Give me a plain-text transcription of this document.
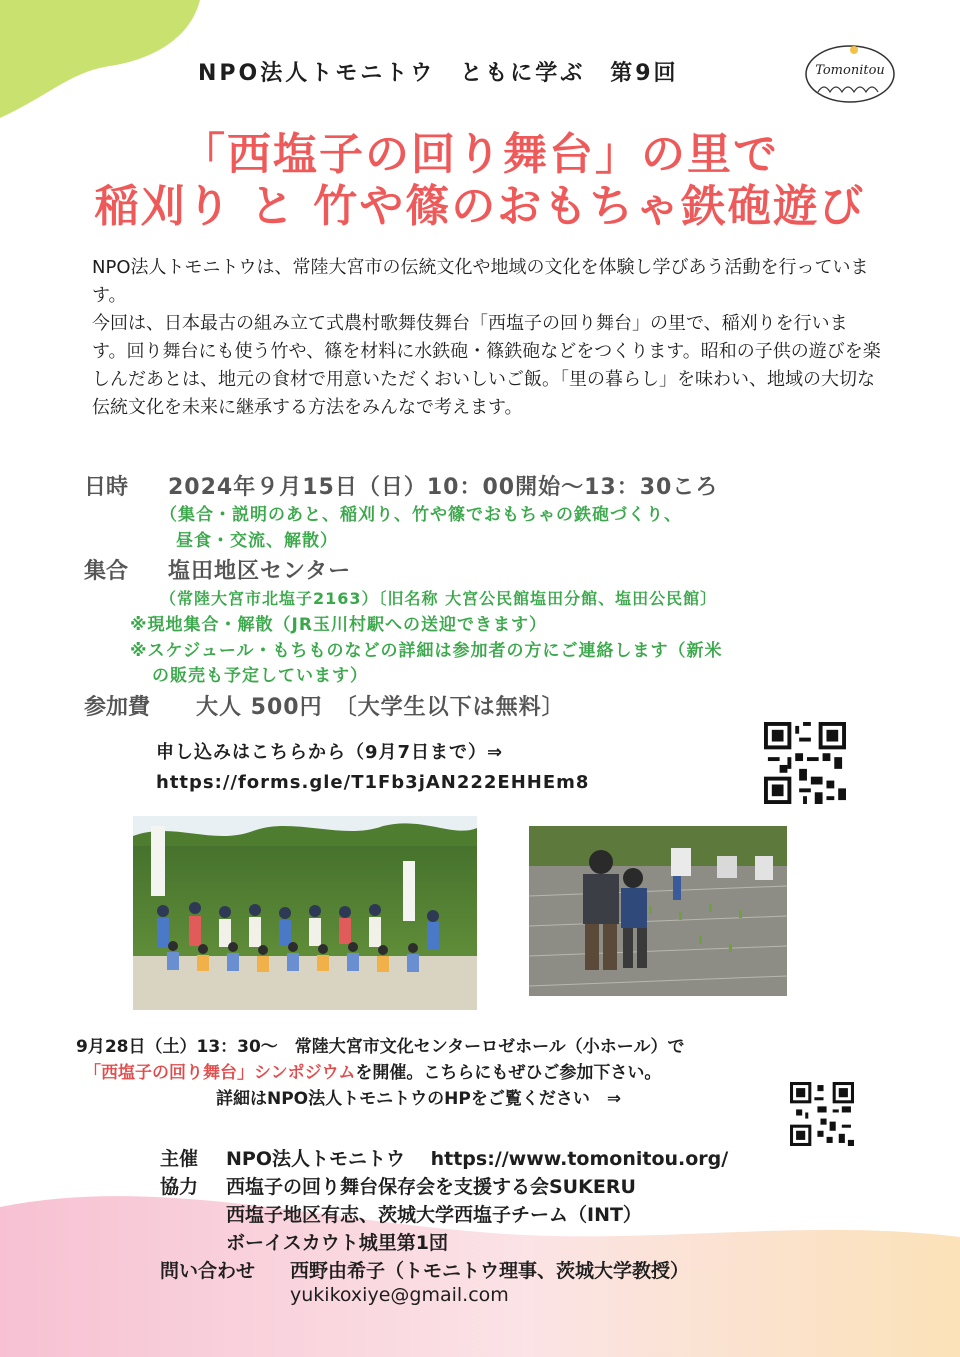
NPO法人トモニトウ　ともに学ぶ　第9回	Tomonitou
「西塩子の回り舞台」の里で
稲刈り と 竹や篠のおもちゃ鉄砲遊び

NPO法人トモニトウは、常陸大宮市の伝統文化や地域の文化を体験し学びあう活動を行っています。

今回は、日本最古の組み立て式農村歌舞伎舞台「西塩子の回り舞台」の里で、稲刈りを行います。回り舞台にも使う竹や、篠を材料に水鉄砲・篠鉄砲などをつくります。昭和の子供の遊びを楽しんだあとは、地元の食材で用意いただくおいしいご飯。「里の暮らし」を味わい、地域の大切な伝統文化を未来に継承する方法をみんなで考えます。

日時 2024年９月15日（日）10：00開始～13：30ころ
（集合・説明のあと、稲刈り、竹や篠でおもちゃの鉄砲づくり、
昼食・交流、解散）
集合 塩田地区センター
（常陸大宮市北塩子2163）〔旧名称 大宮公民館塩田分館、塩田公民館〕
※現地集合・解散（JR玉川村駅への送迎できます）
※スケジュール・もちものなどの詳細は参加者の方にご連絡します（新米
の販売も予定しています）
参加費 大人 500円　〔大学生以下は無料〕
申し込みはこちらから（9月7日まで）⇒
https://forms.gle/T1Fb3jAN222EHHEm8
9月28日（土）13：30～　常陸大宮市文化センターロゼホール（小ホール）で
「西塩子の回り舞台」シンポジウムを開催。こちらにもぜひご参加下さい。
詳細はNPO法人トモニトウのHPをご覧ください　⇒
主催 NPO法人トモニトウ　 https://www.tomonitou.org/
協力 西塩子の回り舞台保存会を支援する会SUKERU
西塩子地区有志、茨城大学西塩子チーム（INT）
ボーイスカウト城里第1団
問い合わせ 西野由希子（トモニトウ理事、茨城大学教授）
yukikoxiye@gmail.com
